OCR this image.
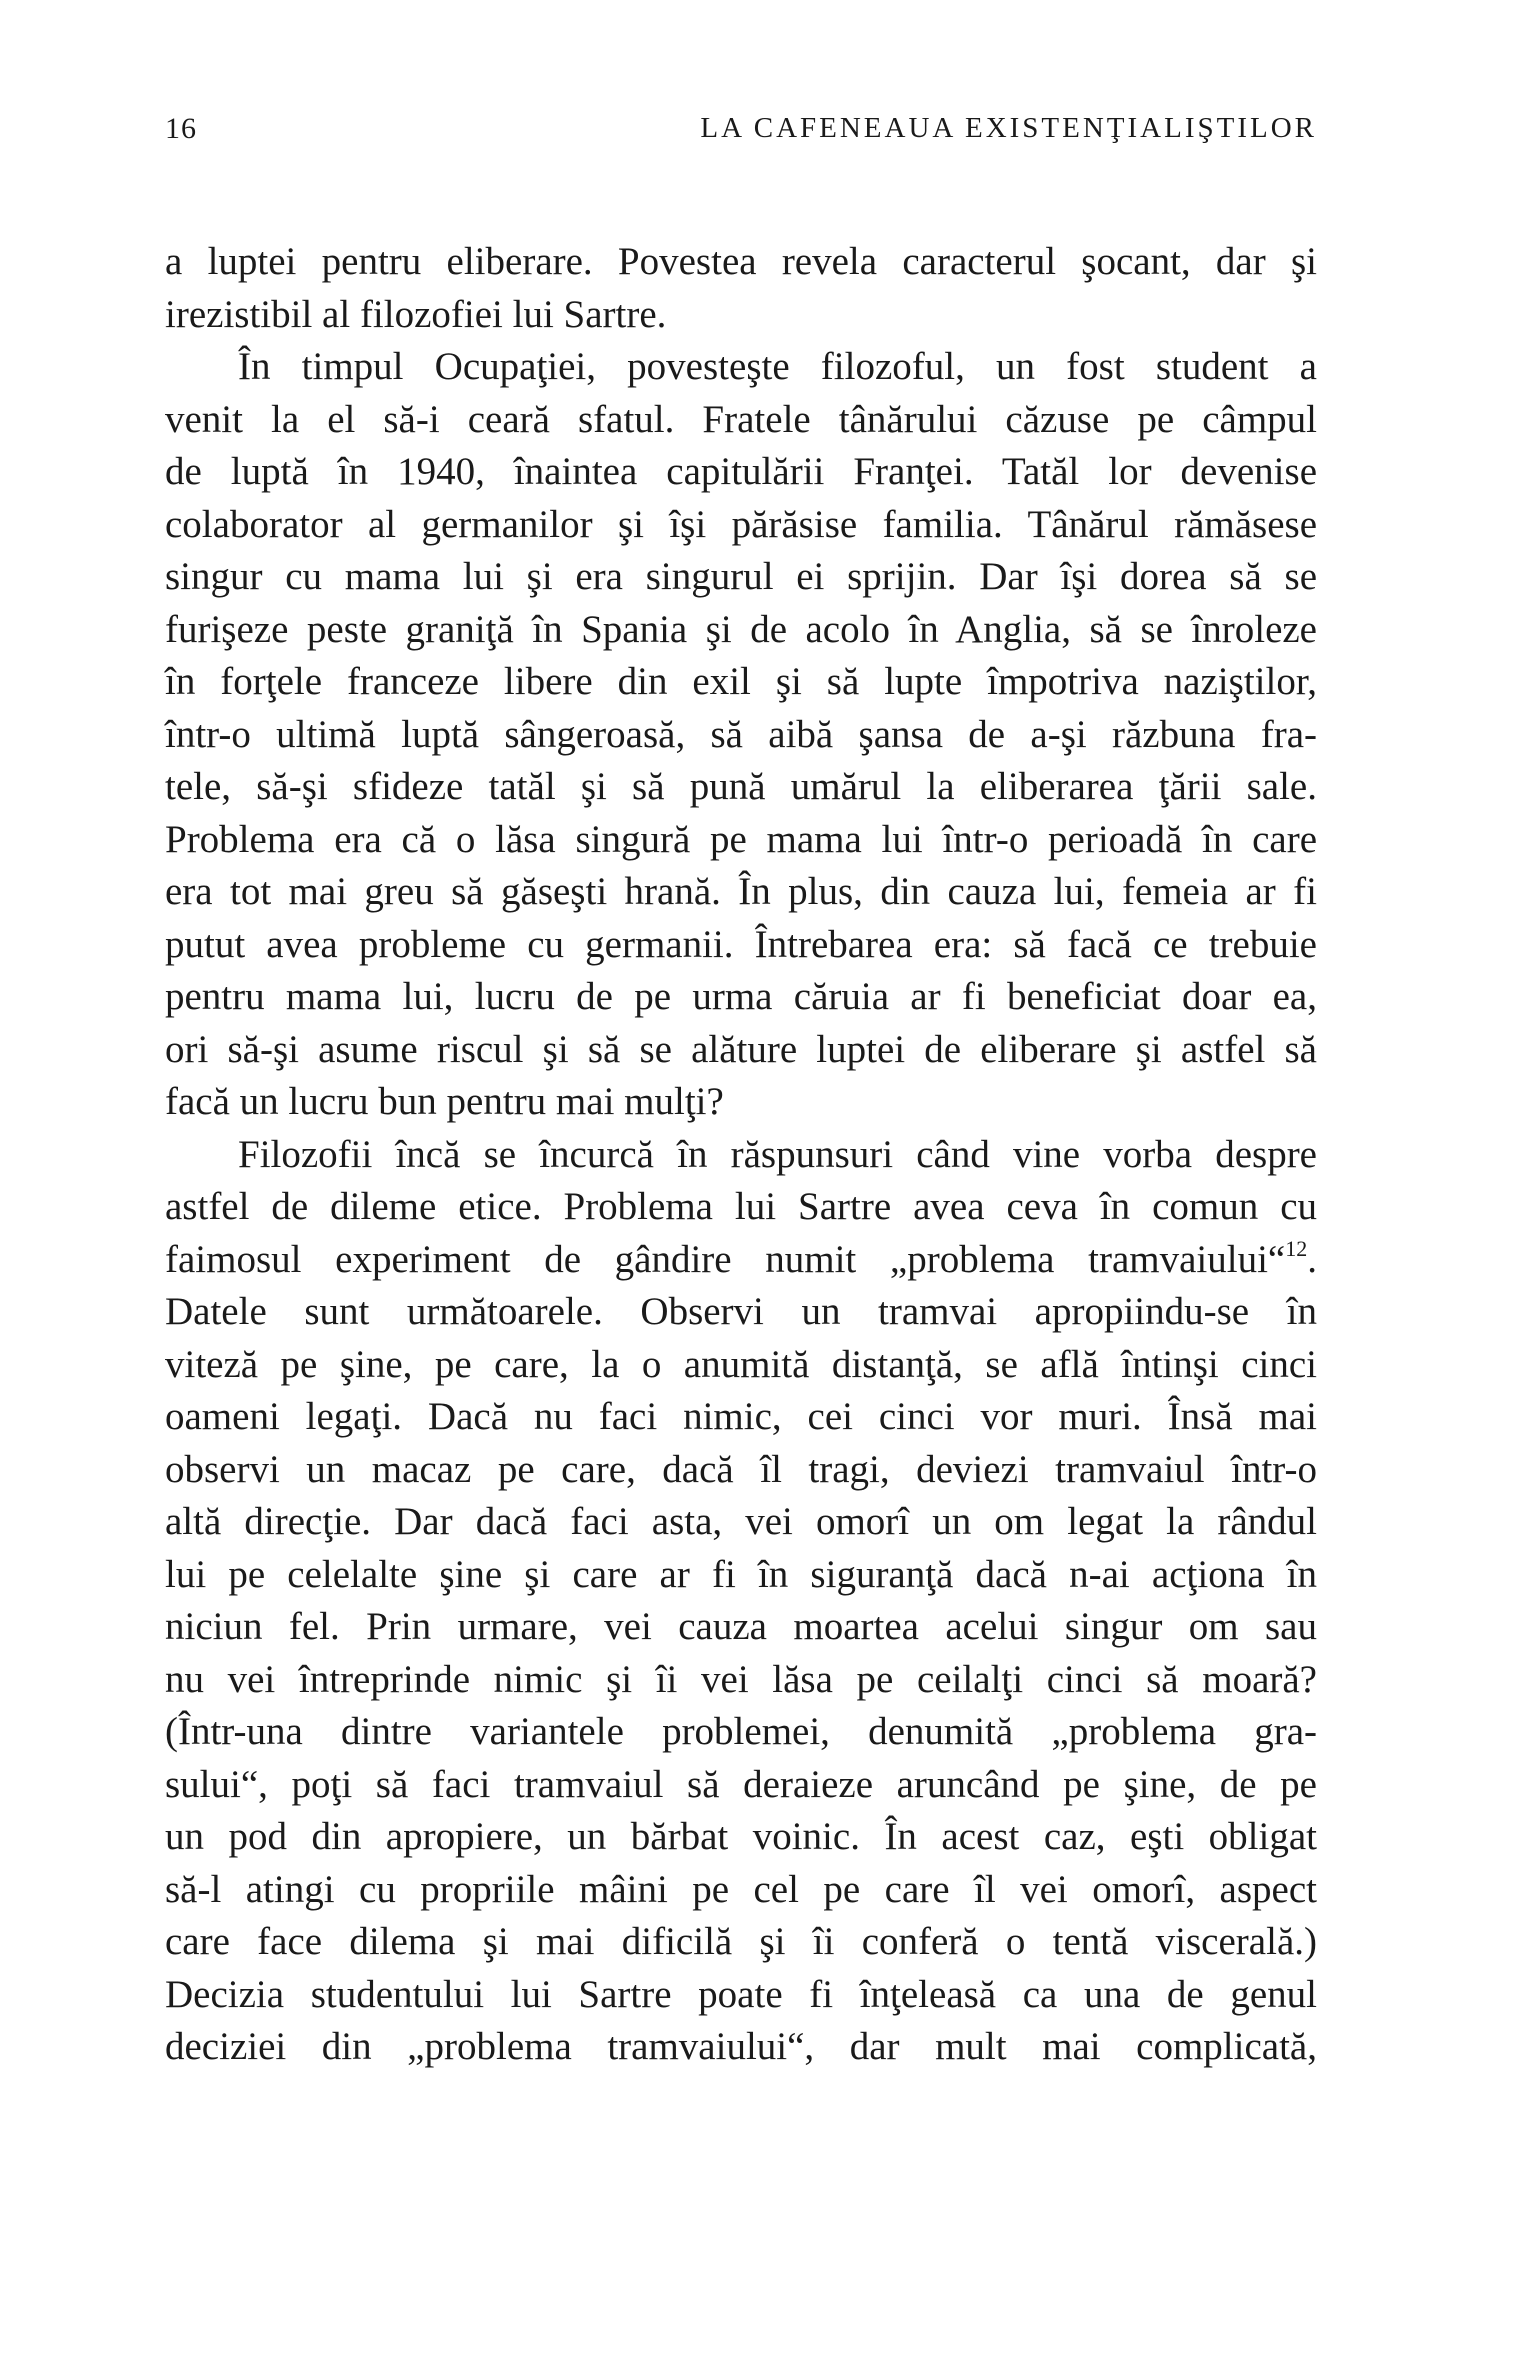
16	LA CAFENEAUA EXISTENŢIALIŞTILOR
a luptei pentru eliberare. Povestea revela caracterul şocant, dar şi
irezistibil al filozofiei lui Sartre.
În timpul Ocupaţiei, povesteşte filozoful, un fost student a
venit la el să-i ceară sfatul. Fratele tânărului căzuse pe câmpul
de luptă în 1940, înaintea capitulării Franţei. Tatăl lor devenise
colaborator al germanilor şi îşi părăsise familia. Tânărul rămăsese
singur cu mama lui şi era singurul ei sprijin. Dar îşi dorea să se
furişeze peste graniţă în Spania şi de acolo în Anglia, să se înroleze
în forţele franceze libere din exil şi să lupte împotriva naziştilor,
într-o ultimă luptă sângeroasă, să aibă şansa de a-şi răzbuna fra-
tele, să-şi sfideze tatăl şi să pună umărul la eliberarea ţării sale.
Problema era că o lăsa singură pe mama lui într-o perioadă în care
era tot mai greu să găseşti hrană. În plus, din cauza lui, femeia ar fi
putut avea probleme cu germanii. Întrebarea era: să facă ce trebuie
pentru mama lui, lucru de pe urma căruia ar fi beneficiat doar ea,
ori să-şi asume riscul şi să se alăture luptei de eliberare şi astfel să
facă un lucru bun pentru mai mulţi?
Filozofii încă se încurcă în răspunsuri când vine vorba despre
astfel de dileme etice. Problema lui Sartre avea ceva în comun cu
faimosul experiment de gândire numit „problema tramvaiului“$^{12}$.
Datele sunt următoarele. Observi un tramvai apropiindu-se în
viteză pe şine, pe care, la o anumită distanţă, se află întinşi cinci
oameni legaţi. Dacă nu faci nimic, cei cinci vor muri. Însă mai
observi un macaz pe care, dacă îl tragi, deviezi tramvaiul într-o
altă direcţie. Dar dacă faci asta, vei omorî un om legat la rândul
lui pe celelalte şine şi care ar fi în siguranţă dacă n-ai acţiona în
niciun fel. Prin urmare, vei cauza moartea acelui singur om sau
nu vei întreprinde nimic şi îi vei lăsa pe ceilalţi cinci să moară?
(Într-una dintre variantele problemei, denumită „problema gra-
sului“, poţi să faci tramvaiul să deraieze aruncând pe şine, de pe
un pod din apropiere, un bărbat voinic. În acest caz, eşti obligat
să-l atingi cu propriile mâini pe cel pe care îl vei omorî, aspect
care face dilema şi mai dificilă şi îi conferă o tentă viscerală.)
Decizia studentului lui Sartre poate fi înţeleasă ca una de genul
deciziei din „problema tramvaiului“, dar mult mai complicată,
